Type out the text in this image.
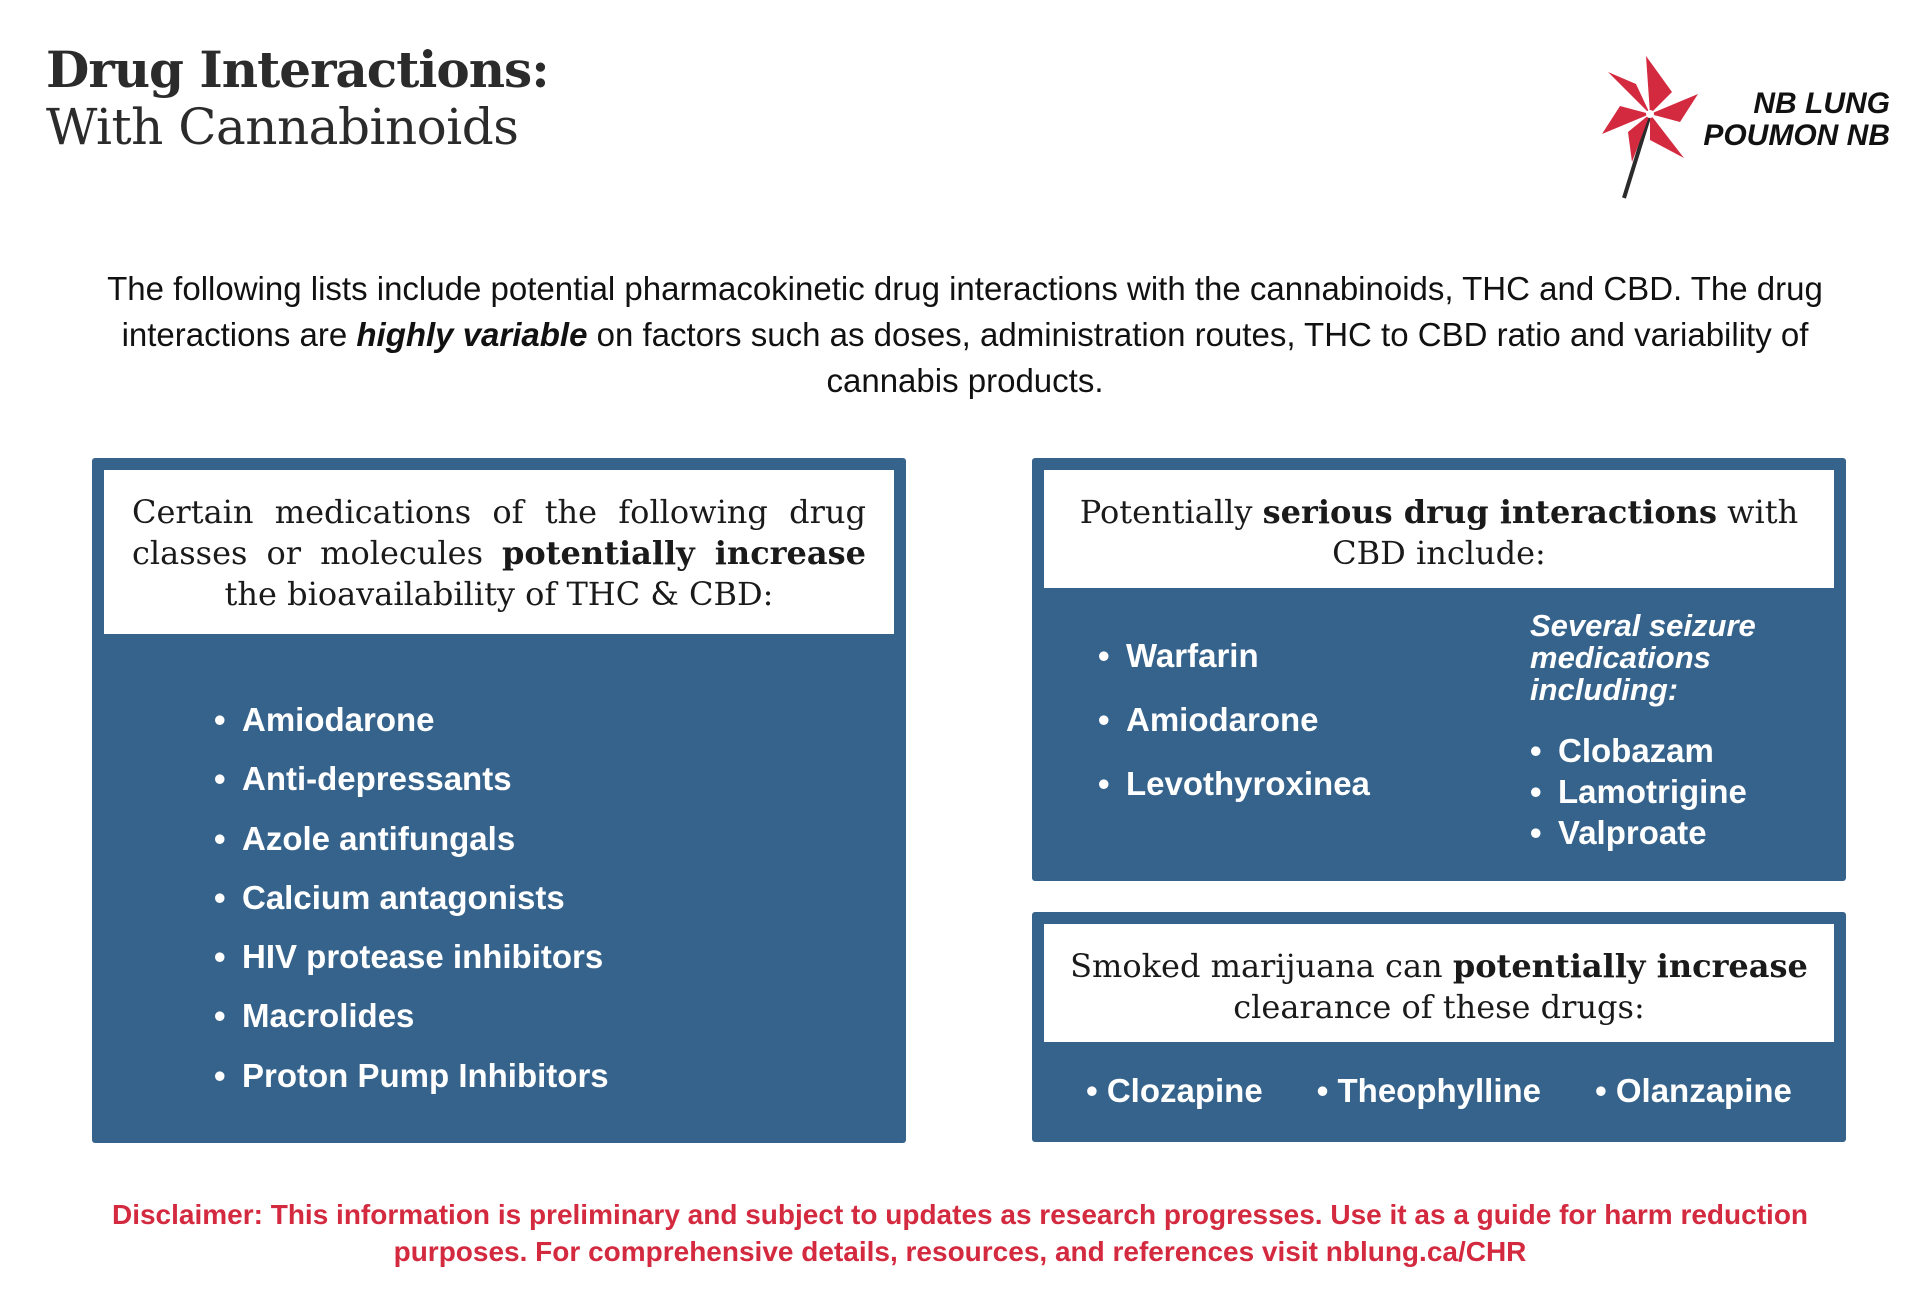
Drug Interactions:
With Cannabinoids	NB LUNG
POUMON NB
The following lists include potential pharmacokinetic drug interactions with the cannabinoids, THC and CBD. The drug interactions are highly variable on factors such as doses, administration routes, THC to CBD ratio and variability of cannabis products.
Certain medications of the following drug classes or molecules potentially increase the bioavailability of THC & CBD:
• Amiodarone
• Anti-depressants
• Azole antifungals
• Calcium antagonists
• HIV protease inhibitors
• Macrolides
• Proton Pump Inhibitors
Potentially serious drug interactions with CBD include:
• Warfarin
• Amiodarone
• Levothyroxinea
Several seizure medications including:
• Clobazam
• Lamotrigine
• Valproate
Smoked marijuana can potentially increase clearance of these drugs:
• Clozapine	• Theophylline	• Olanzapine
Disclaimer: This information is preliminary and subject to updates as research progresses. Use it as a guide for harm reduction purposes. For comprehensive details, resources, and references visit nblung.ca/CHR
